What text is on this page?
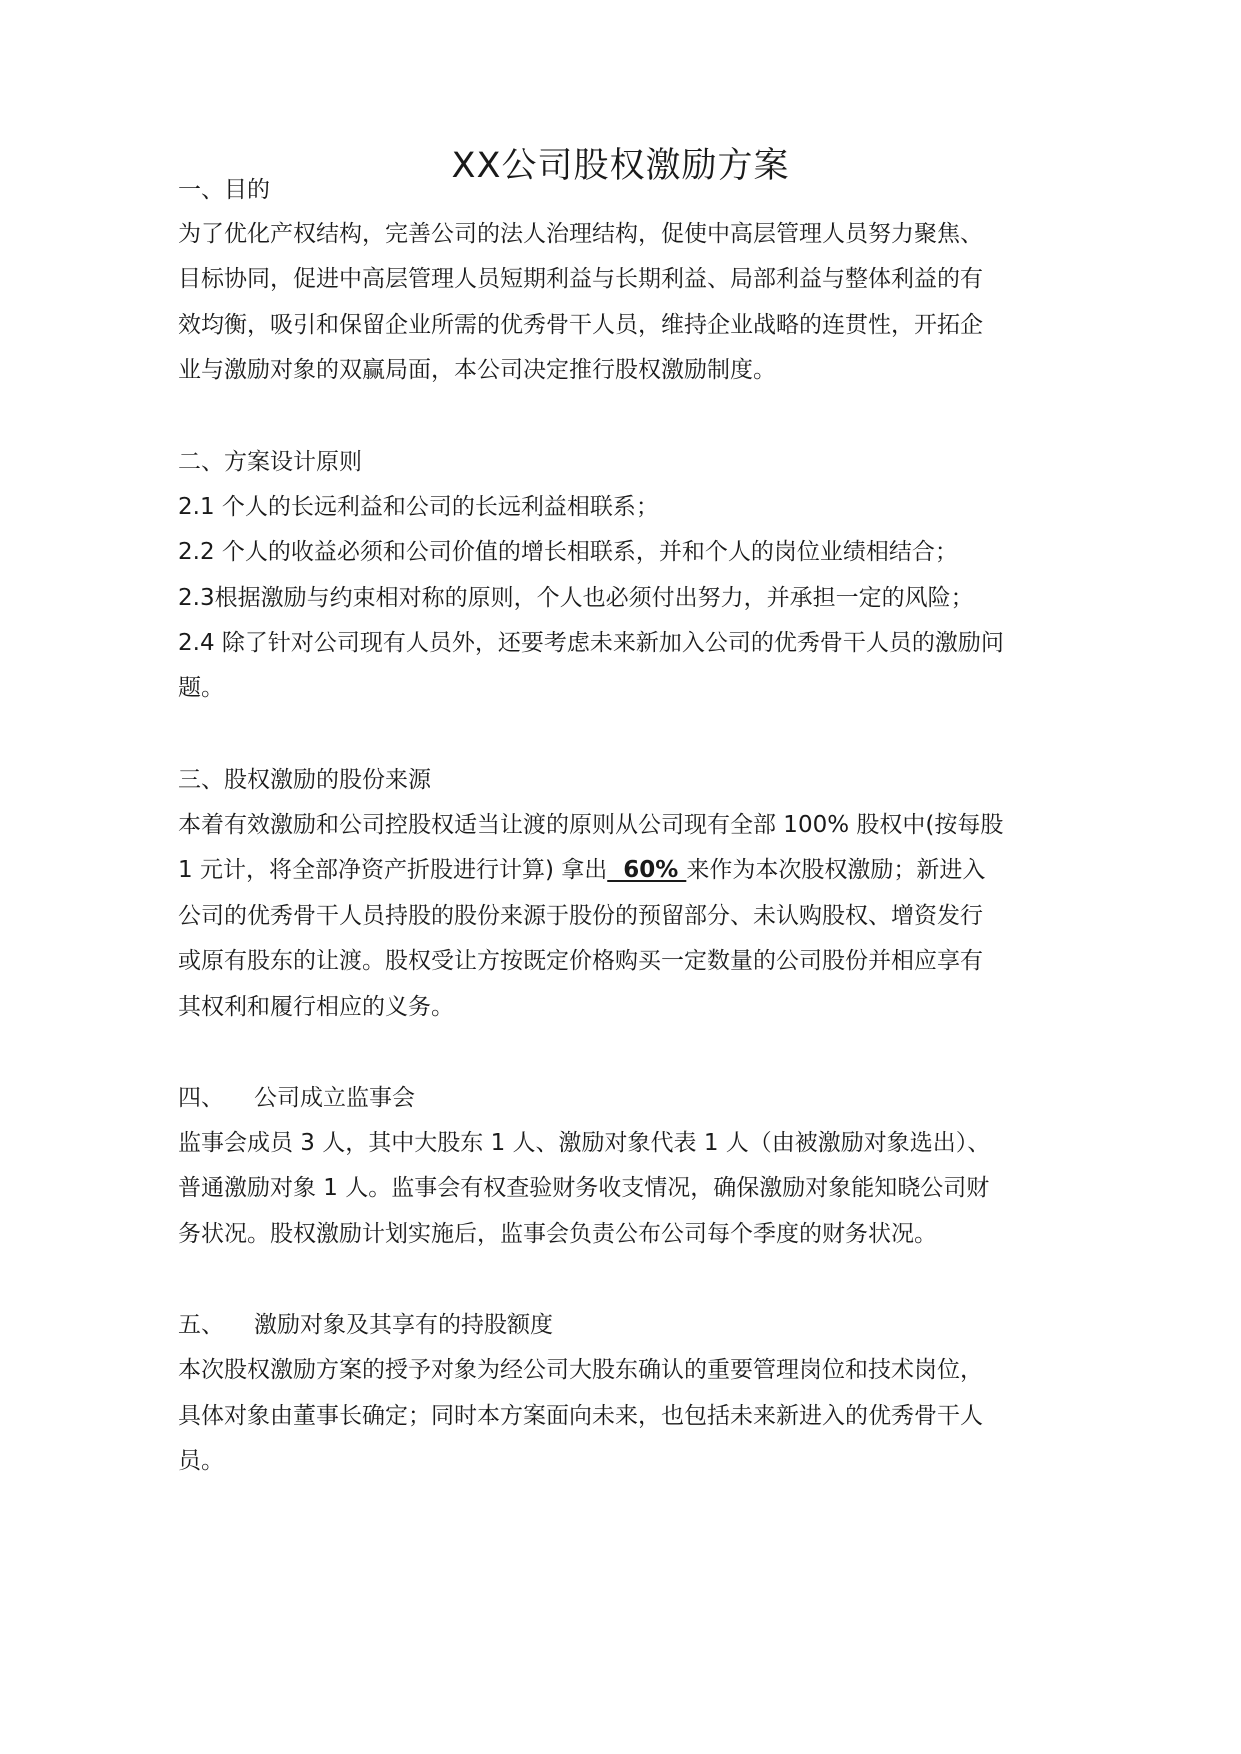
XX公司股权激励方案
一、目的
为了优化产权结构，完善公司的法人治理结构，促使中高层管理人员努力聚焦、
目标协同，促进中高层管理人员短期利益与长期利益、局部利益与整体利益的有
效均衡，吸引和保留企业所需的优秀骨干人员，维持企业战略的连贯性，开拓企
业与激励对象的双赢局面，本公司决定推行股权激励制度。
二、方案设计原则
2.1 个人的长远利益和公司的长远利益相联系；
2.2 个人的收益必须和公司价值的增长相联系，并和个人的岗位业绩相结合；
2.3根据激励与约束相对称的原则，个人也必须付出努力，并承担一定的风险；
2.4 除了针对公司现有人员外，还要考虑未来新加入公司的优秀骨干人员的激励问
题。
三、股权激励的股份来源
本着有效激励和公司控股权适当让渡的原则从公司现有全部 100% 股权中(按每股
1 元计，将全部净资产折股进行计算) 拿出  60% 来作为本次股权激励；新进入
公司的优秀骨干人员持股的股份来源于股份的预留部分、未认购股权、增资发行
或原有股东的让渡。股权受让方按既定价格购买一定数量的公司股份并相应享有
其权利和履行相应的义务。
四、 公司成立监事会
监事会成员 3 人，其中大股东 1 人、激励对象代表 1 人（由被激励对象选出）、
普通激励对象 1 人。监事会有权查验财务收支情况，确保激励对象能知晓公司财
务状况。股权激励计划实施后，监事会负责公布公司每个季度的财务状况。
五、 激励对象及其享有的持股额度
本次股权激励方案的授予对象为经公司大股东确认的重要管理岗位和技术岗位，
具体对象由董事长确定；同时本方案面向未来，也包括未来新进入的优秀骨干人
员。
